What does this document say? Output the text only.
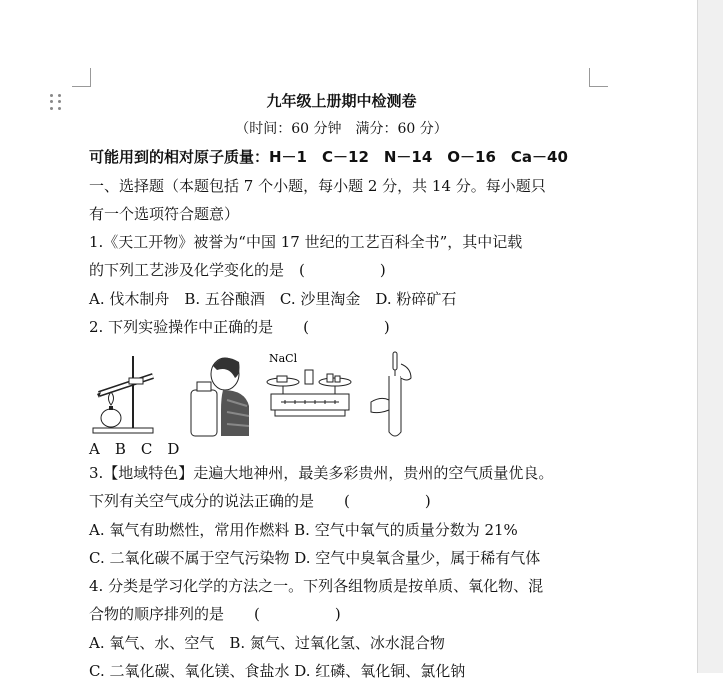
九年级上册期中检测卷
（时间：60 分钟　满分：60 分）
可能用到的相对原子质量：H－1　C－12　N－14　O－16　Ca－40
一、选择题（本题包括 7 个小题，每小题 2 分，共 14 分。每小题只
有一个选项符合题意）
1.《天工开物》被誉为“中国 17 世纪的工艺百科全书”，其中记载
的下列工艺涉及化学变化的是　(　　　　　)
A. 伐木制舟　B. 五谷酿酒　C. 沙里淘金　D. 粉碎矿石
2. 下列实验操作中正确的是　　(　　　　　)
NaCl
A　B　C　D
3.【地域特色】走遍大地神州，最美多彩贵州，贵州的空气质量优良。
下列有关空气成分的说法正确的是　　(　　　　　)
A. 氧气有助燃性，常用作燃料 B. 空气中氧气的质量分数为 21%
C. 二氧化碳不属于空气污染物 D. 空气中臭氧含量少，属于稀有气体
4. 分类是学习化学的方法之一。下列各组物质是按单质、氧化物、混
合物的顺序排列的是　　(　　　　　)
A. 氧气、水、空气　B. 氮气、过氧化氢、冰水混合物
C. 二氧化碳、氧化镁、食盐水 D. 红磷、氧化铜、氯化钠
